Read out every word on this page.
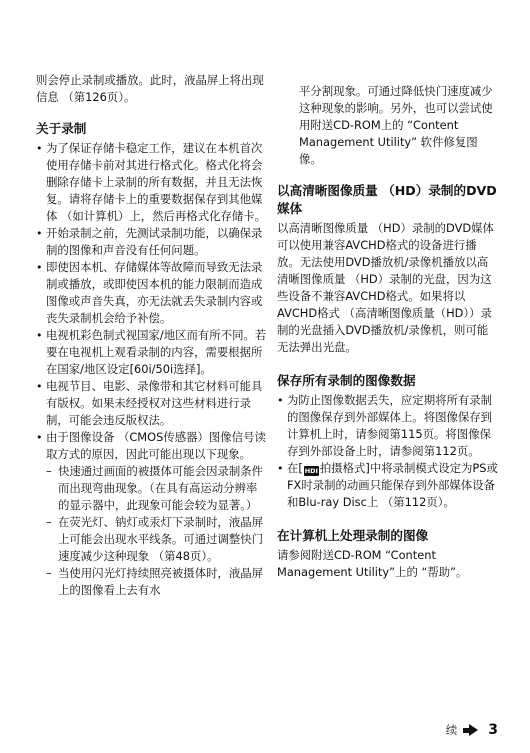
则会停止录制或播放。此时，液晶屏上将出现信息 （第126页）。

关于录制
• 为了保证存储卡稳定工作，建议在本机首次使用存储卡前对其进行格式化。格式化将会删除存储卡上录制的所有数据，并且无法恢复。请将存储卡上的重要数据保存到其他媒体 （如计算机）上，然后再格式化存储卡。
• 开始录制之前，先测试录制功能，以确保录制的图像和声音没有任何问题。
• 即使因本机、存储媒体等故障而导致无法录制或播放，或即使因本机的能力限制而造成图像或声音失真，亦无法就丢失录制内容或丧失录制机会给予补偿。
• 电视机彩色制式视国家/地区而有所不同。若要在电视机上观看录制的内容，需要根据所在国家/地区设定[60i/50i选择]。
• 电视节目、电影、录像带和其它材料可能具有版权。如果未经授权对这些材料进行录制，可能会违反版权法。
• 由于图像设备 （CMOS传感器）图像信号读取方式的原因，因此可能出现以下现象。
– 快速通过画面的被摄体可能会因录制条件而出现弯曲现象。（在具有高运动分辨率的显示器中，此现象可能会较为显著。）
– 在荧光灯、钠灯或汞灯下录制时，液晶屏上可能会出现水平线条。可通过调整快门速度减少这种现象 （第48页）。
– 当使用闪光灯持续照亮被摄体时，液晶屏上的图像看上去有水

平分割现象。可通过降低快门速度减少这种现象的影响。另外，也可以尝试使用附送CD-ROM上的 “Content Management Utility” 软件修复图像。

以高清晰图像质量 （HD）录制的DVD媒体

以高清晰图像质量 （HD）录制的DVD媒体可以使用兼容AVCHD格式的设备进行播放。无法使用DVD播放机/录像机播放以高清晰图像质量 （HD）录制的光盘，因为这些设备不兼容AVCHD格式。如果将以AVCHD格式 （高清晰图像质量（HD））录制的光盘插入DVD播放机/录像机，则可能无法弹出光盘。

保存所有录制的图像数据
• 为防止图像数据丢失，应定期将所有录制的图像保存到外部媒体上。将图像保存到计算机上时，请参阅第115页。将图像保存到外部设备上时，请参阅第112页。
• 在[ HDI 拍摄格式]中将录制模式设定为PS或FX时录制的动画只能保存到外部媒体设备和Blu-ray Disc上 （第112页）。
在计算机上处理录制的图像

请参阅附送CD-ROM “Content Management Utility”上的 “帮助”。

续 3
